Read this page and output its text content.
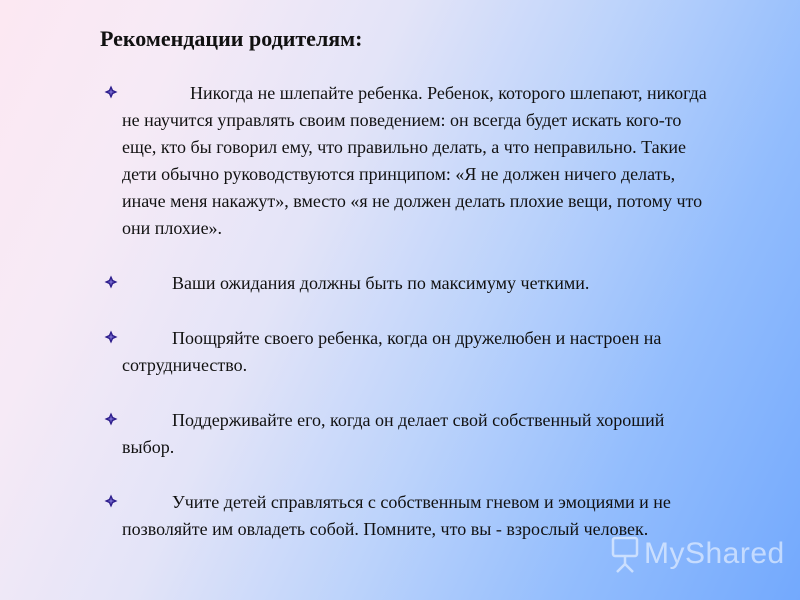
Рекомендации родителям:

Никогда не шлепайте ребенка. Ребенок, которого шлепают, никогда не научится управлять своим поведением: он всегда будет искать кого-то еще, кто бы говорил ему, что правильно делать, а что неправильно. Такие дети обычно руководствуются принципом: «Я не должен ничего делать, иначе меня накажут», вместо «я не должен делать плохие вещи, потому что они плохие».

Ваши ожидания должны быть по максимуму четкими.

Поощряйте своего ребенка, когда он дружелюбен и настроен на сотрудничество.

Поддерживайте его, когда он делает свой собственный хороший выбор.

Учите детей справляться с собственным гневом и эмоциями и не позволяйте им овладеть собой. Помните, что вы - взрослый человек.

MyShared
